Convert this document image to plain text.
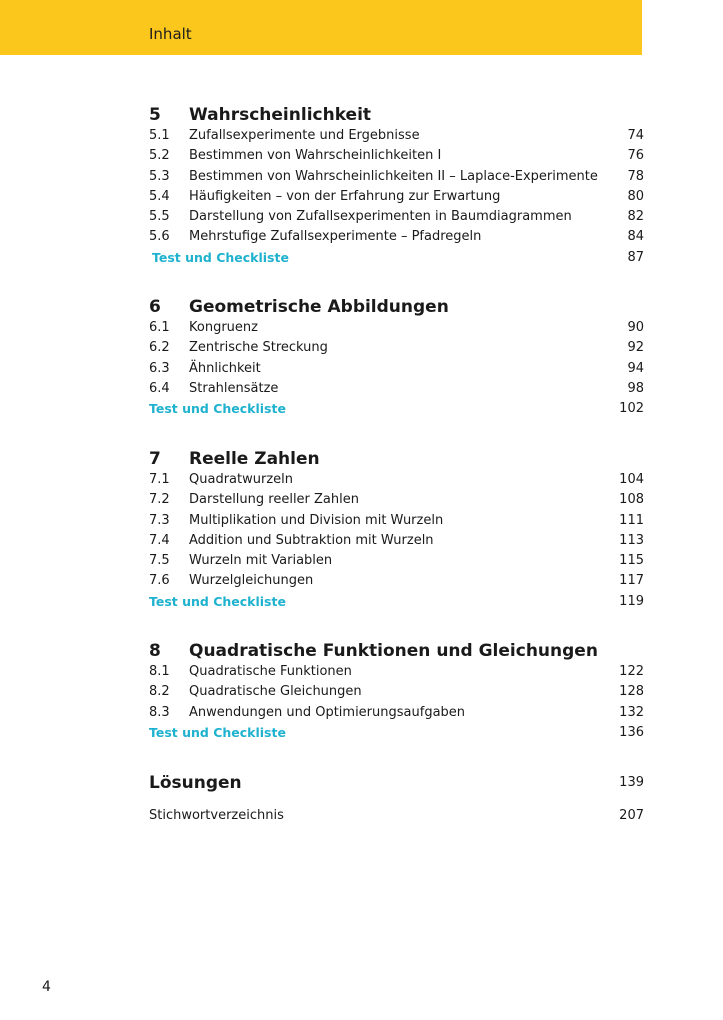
Inhalt
5 Wahrscheinlichkeit
5.1 Zufallsexperimente und Ergebnisse	74
5.2 Bestimmen von Wahrscheinlichkeiten I	76
5.3 Bestimmen von Wahrscheinlichkeiten II – Laplace-Experimente 78
5.4 Häufigkeiten – von der Erfahrung zur Erwartung	80
5.5 Darstellung von Zufallsexperimenten in Baumdiagrammen	82
5.6 Mehrstufige Zufallsexperimente – Pfadregeln	84
Test und Checkliste	87
6 Geometrische Abbildungen
6.1 Kongruenz	90
6.2 Zentrische Streckung	92
6.3 Ähnlichkeit	94
6.4 Strahlensätze	98
Test und Checkliste	102
7 Reelle Zahlen
7.1 Quadratwurzeln	104
7.2 Darstellung reeller Zahlen	108
7.3 Multiplikation und Division mit Wurzeln	111
7.4 Addition und Subtraktion mit Wurzeln	113
7.5 Wurzeln mit Variablen	115
7.6 Wurzelgleichungen	117
Test und Checkliste	119
8 Quadratische Funktionen und Gleichungen
8.1 Quadratische Funktionen	122
8.2 Quadratische Gleichungen	128
8.3 Anwendungen und Optimierungsaufgaben	132
Test und Checkliste	136
Lösungen	139
Stichwortverzeichnis	207
4
